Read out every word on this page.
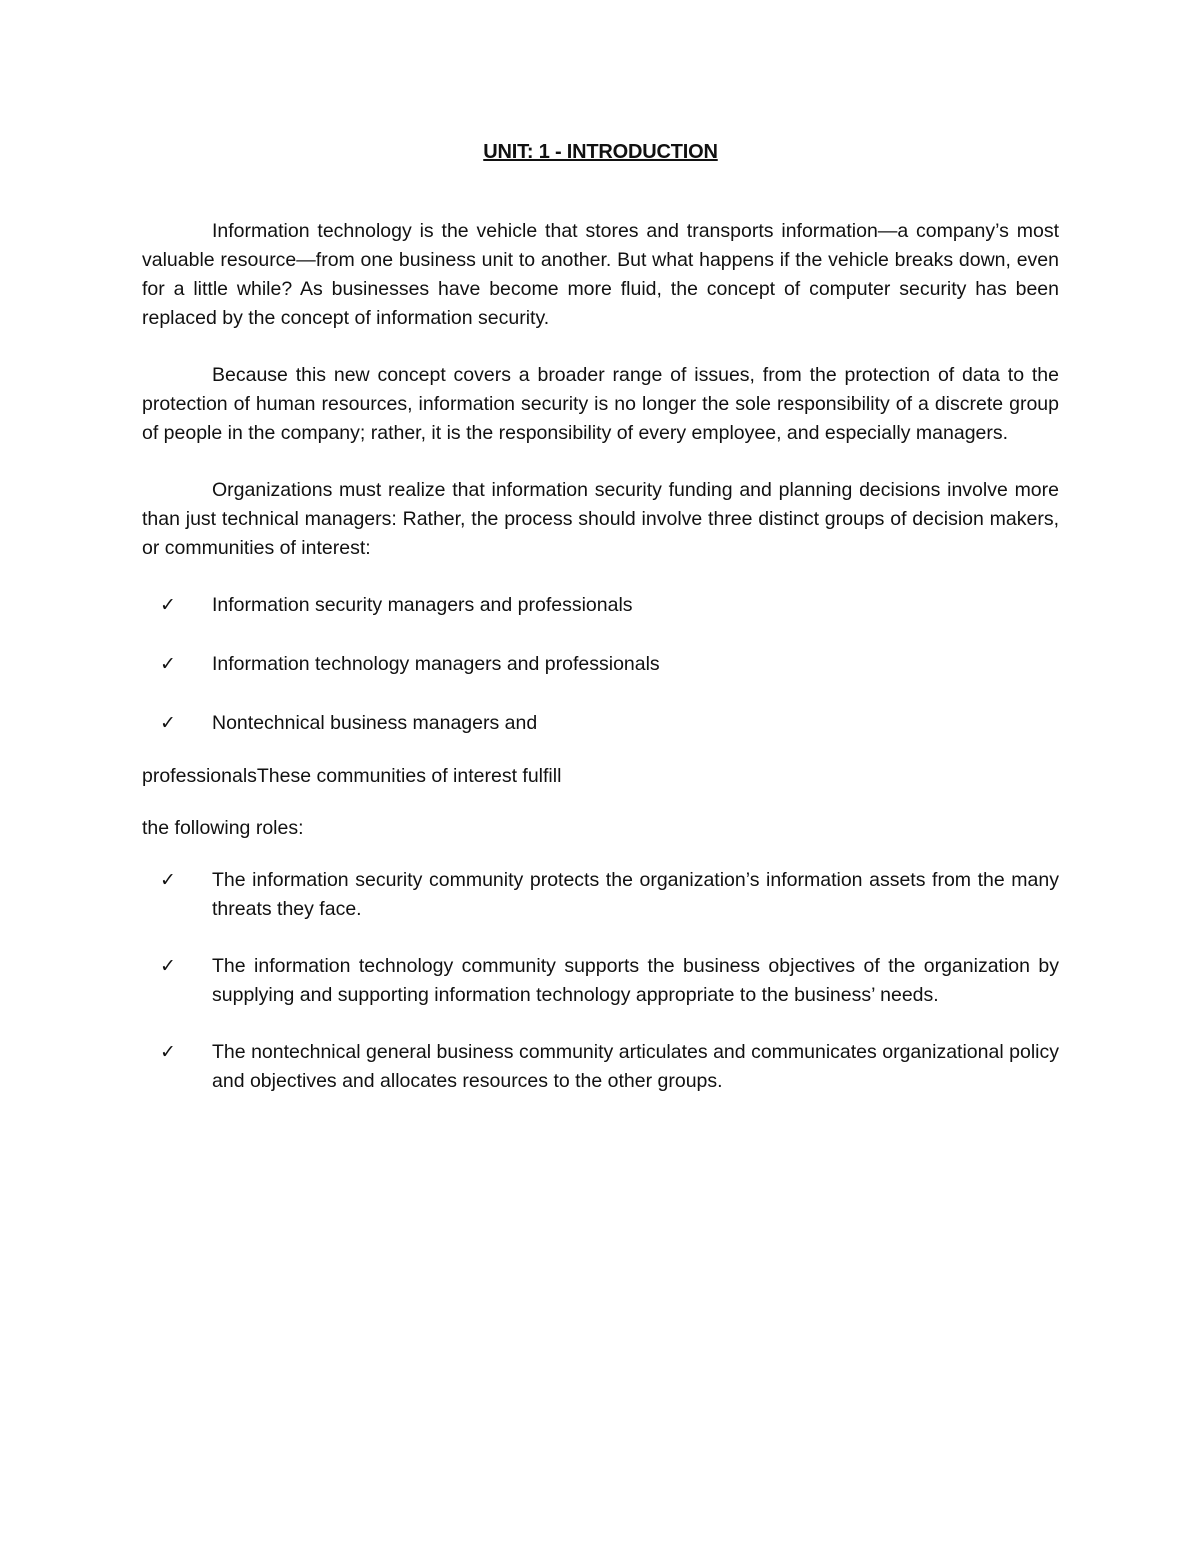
UNIT: 1 - INTRODUCTION

Information technology is the vehicle that stores and transports information—a company’s most valuable resource—from one business unit to another. But what happens if the vehicle breaks down, even for a little while? As businesses have become more fluid, the concept of computer security has been replaced by the concept of information security.

Because this new concept covers a broader range of issues, from the protection of data to the protection of human resources, information security is no longer the sole responsibility of a discrete group of people in the company; rather, it is the responsibility of every employee, and especially managers.

Organizations must realize that information security funding and planning decisions involve more than just technical managers: Rather, the process should involve three distinct groups of decision makers, or communities of interest:

✓ Information security managers and professionals
✓ Information technology managers and professionals
✓ Nontechnical business managers and

professionalsThese communities of interest fulfill

the following roles:

✓ The information security community protects the organization’s information assets from the many threats they face.
✓ The information technology community supports the business objectives of the organization by supplying and supporting information technology appropriate to the business’ needs.
✓ The nontechnical general business community articulates and communicates organizational policy and objectives and allocates resources to the other groups.
